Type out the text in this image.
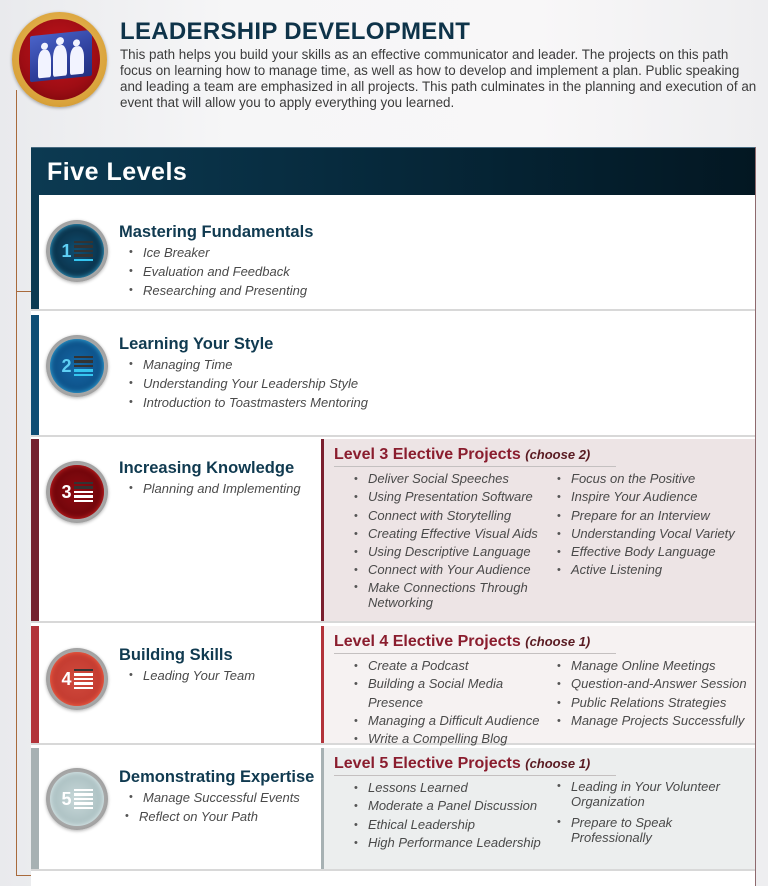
LEADERSHIP DEVELOPMENT
This path helps you build your skills as an effective communicator and leader. The projects on this path focus on learning how to manage time, as well as how to develop and implement a plan. Public speaking and leading a team are emphasized in all projects. This path culminates in the planning and execution of an event that will allow you to apply everything you learned.
Five Levels
1
Mastering Fundamentals
• Ice Breaker
• Evaluation and Feedback
• Researching and Presenting
2
Learning Your Style
• Managing Time
• Understanding Your Leadership Style
• Introduction to Toastmasters Mentoring
3
Increasing Knowledge
• Planning and Implementing
Level 3 Elective Projects (choose 2)
• Deliver Social Speeches
• Using Presentation Software
• Connect with Storytelling
• Creating Effective Visual Aids
• Using Descriptive Language
• Connect with Your Audience
• Make Connections Through Networking
• Focus on the Positive
• Inspire Your Audience
• Prepare for an Interview
• Understanding Vocal Variety
• Effective Body Language
• Active Listening
4
Building Skills
• Leading Your Team
Level 4 Elective Projects (choose 1)
• Create a Podcast
• Building a Social Media Presence
• Managing a Difficult Audience
• Write a Compelling Blog
• Manage Online Meetings
• Question-and-Answer Session
• Public Relations Strategies
• Manage Projects Successfully
5
Demonstrating Expertise
• Manage Successful Events
• Reflect on Your Path
Level 5 Elective Projects (choose 1)
• Lessons Learned
• Moderate a Panel Discussion
• Ethical Leadership
• High Performance Leadership
• Leading in Your Volunteer Organization
• Prepare to Speak Professionally
